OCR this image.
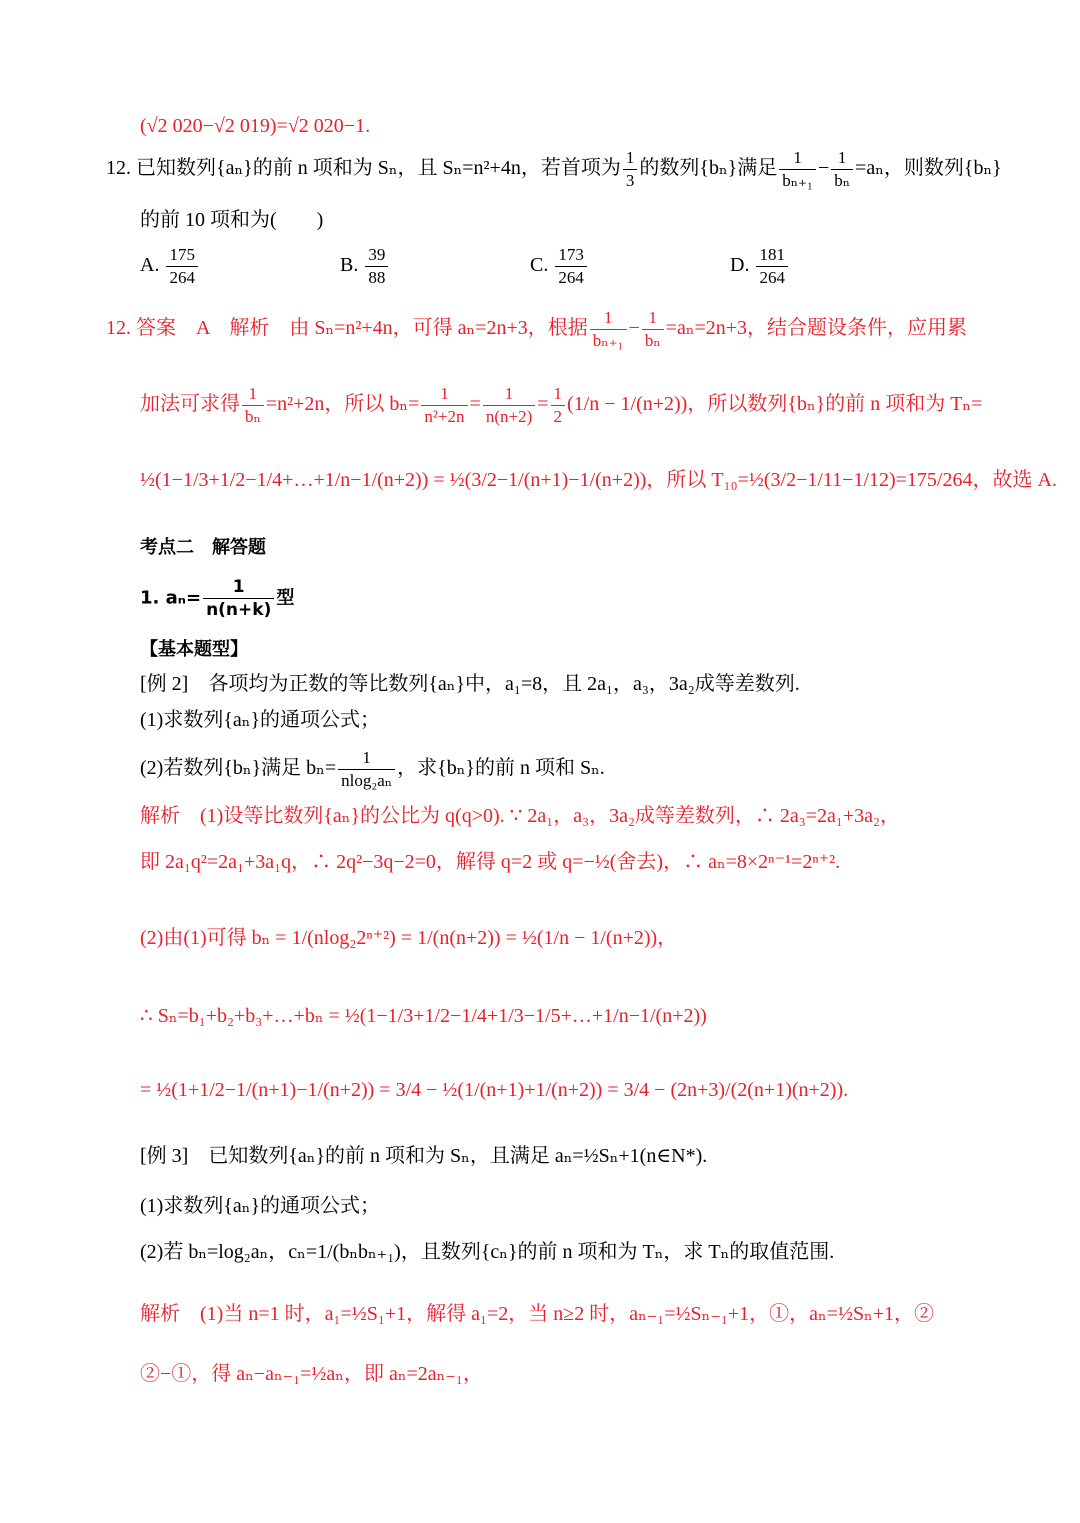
(√2 020−√2 019)=√2 020−1.
12. 已知数列{aₙ}的前 n 项和为 Sₙ，且 Sₙ=n²+4n，若首项为 $\frac{1}{3}$ 的数列{bₙ}满足 $\frac{1}{\text{bₙ₊₁}} - \frac{1}{\text{bₙ}} =a_n$，则数列{bₙ}
的前 10 项和为(　　)
A. $\frac{175}{264}$	B. $\frac{39}{88}$	C. $\frac{173}{264}$	D. $\frac{181}{264}$
12. 答案　A　解析　由 Sₙ=n²+4n，可得 aₙ=2n+3，根据 $\frac{1}{\text{bₙ₊₁}} - \frac{1}{\text{bₙ}} =a_n=2n+3$，结合题设条件，应用累
加法可求得 $\frac{1}{\text{bₙ}} =n^2+2n$，所以 $b_n= \frac{1}{\text{n²+2n}} = \frac{1}{n(n+2)} = \frac{1}{2} (1/n - 1/(n+2))$，所以数列{bₙ}的前 n 项和为 Tₙ=
½(1−1/3+1/2−1/4+…+1/n−1/(n+2)) = ½(3/2−1/(n+1)−1/(n+2))，所以 T₁₀=½(3/2−1/11−1/12)=175/264，故选 A.
考点二　解答题
1. $a_n= \frac{1}{n(n+k)}$ 型
【基本题型】
[例 2]　各项均为正数的等比数列{aₙ}中，a₁=8，且 2a₁，a₃，3a₂成等差数列.
(1)求数列{aₙ}的通项公式；
(2)若数列{bₙ}满足 $b_n= \frac{1}{\text{nlog₂aₙ}}$ ，求{bₙ}的前 n 项和 Sₙ.
解析　(1)设等比数列{aₙ}的公比为 q(q>0). ∵ 2a₁，a₃，3a₂成等差数列，∴ 2a₃=2a₁+3a₂，
即 2a₁q²=2a₁+3a₁q，∴ 2q²−3q−2=0，解得 q=2 或 q=−½(舍去)，∴ aₙ=8×2ⁿ⁻¹=2ⁿ⁺².
(2)由(1)可得 bₙ = 1/(nlog₂2ⁿ⁺²) = 1/(n(n+2)) = ½(1/n − 1/(n+2))，
∴ Sₙ=b₁+b₂+b₃+…+bₙ = ½(1−1/3+1/2−1/4+1/3−1/5+…+1/n−1/(n+2))
= ½(1+1/2−1/(n+1)−1/(n+2)) = 3/4 − ½(1/(n+1)+1/(n+2)) = 3/4 − (2n+3)/(2(n+1)(n+2)).
[例 3]　已知数列{aₙ}的前 n 项和为 Sₙ，且满足 aₙ=½Sₙ+1(n∈N*).
(1)求数列{aₙ}的通项公式；
(2)若 bₙ=log₂aₙ，cₙ=1/(bₙbₙ₊₁)，且数列{cₙ}的前 n 项和为 Tₙ，求 Tₙ的取值范围.
解析　(1)当 n=1 时，a₁=½S₁+1，解得 a₁=2，当 n≥2 时，aₙ₋₁=½Sₙ₋₁+1，①，aₙ=½Sₙ+1，②
②−①，得 aₙ−aₙ₋₁=½aₙ，即 aₙ=2aₙ₋₁，
